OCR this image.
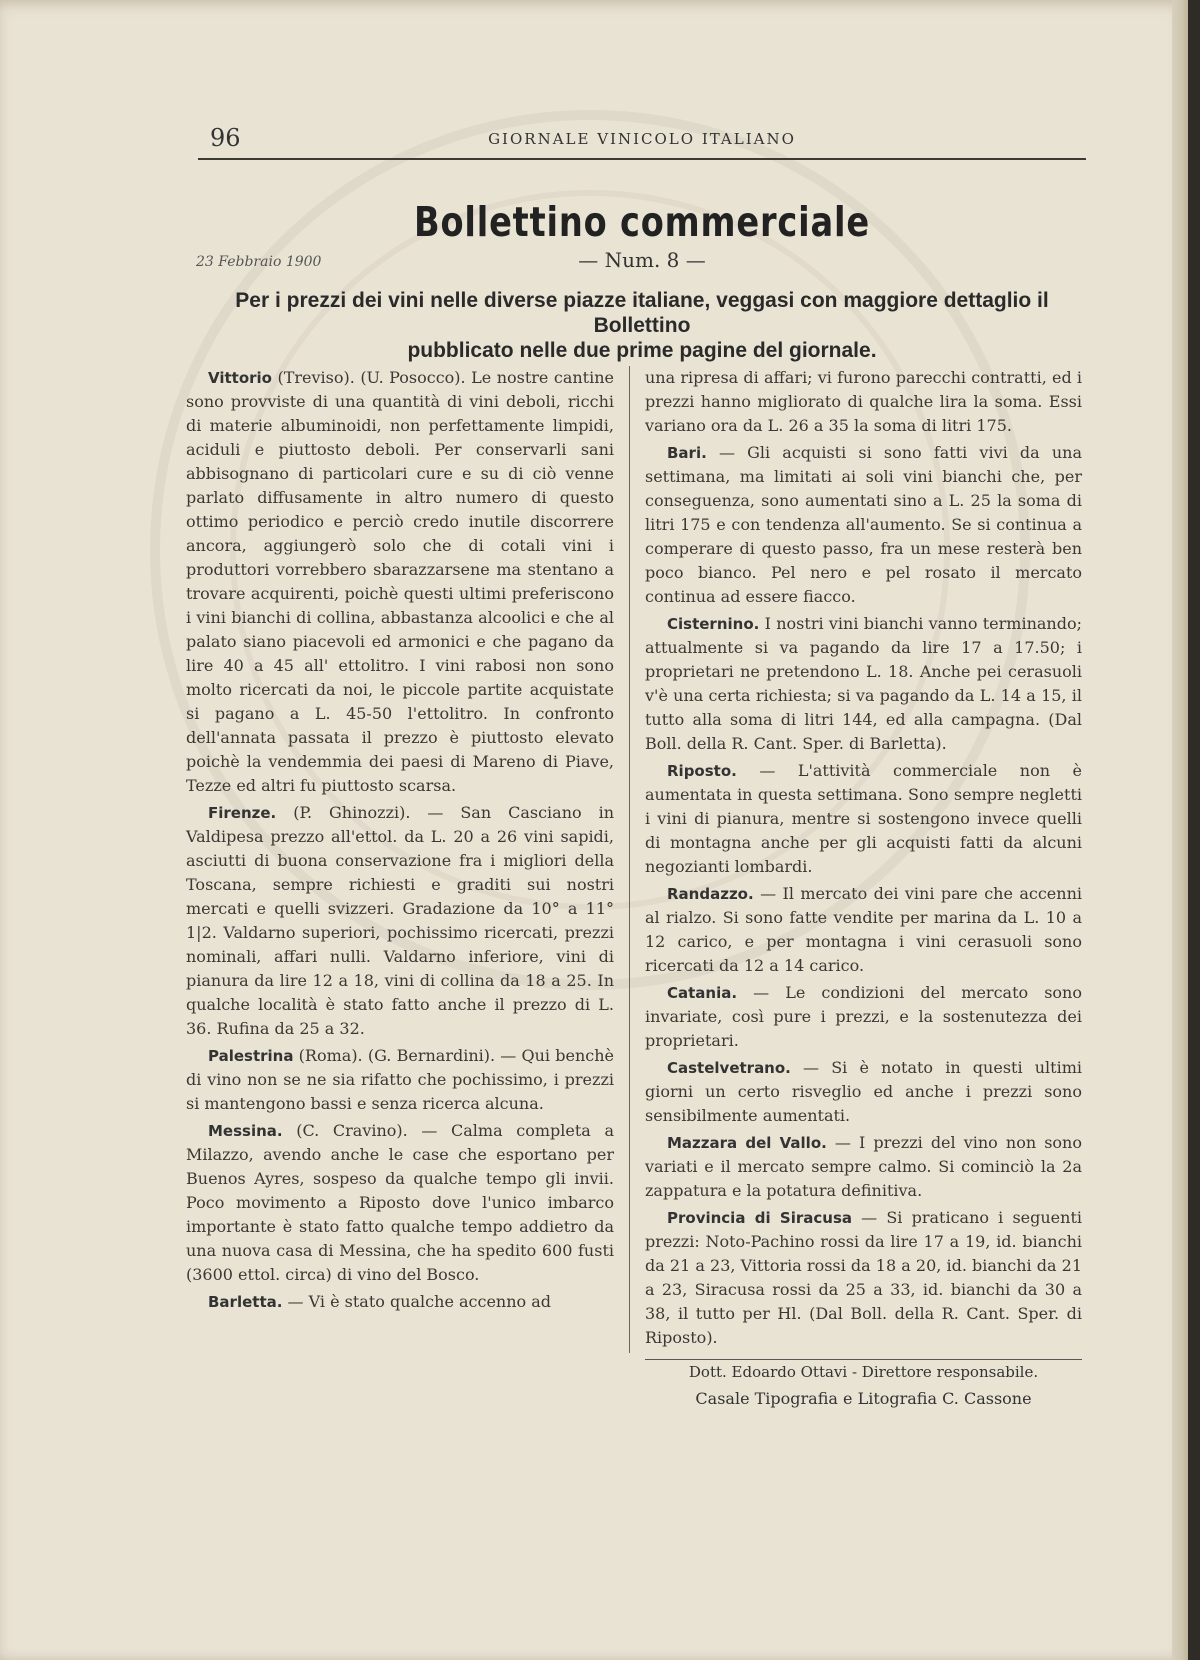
96	GIORNALE VINICOLO ITALIANO
Bollettino commerciale
23 Febbraio 1900	— Num. 8 —
Per i prezzi dei vini nelle diverse piazze italiane, veggasi con maggiore dettaglio il Bollettino
pubblicato nelle due prime pagine del giornale.

Vittorio (Treviso). (U. Posocco). Le nostre cantine sono provviste di una quantità di vini deboli, ricchi di materie albuminoidi, non perfettamente limpidi, aciduli e piuttosto deboli. Per conservarli sani abbisognano di particolari cure e su di ciò venne parlato diffusamente in altro numero di questo ottimo periodico e perciò credo inutile discorrere ancora, aggiungerò solo che di cotali vini i produttori vorrebbero sbarazzarsene ma stentano a trovare acquirenti, poichè questi ultimi preferiscono i vini bianchi di collina, abbastanza alcoolici e che al palato siano piacevoli ed armonici e che pagano da lire 40 a 45 all' ettolitro. I vini rabosi non sono molto ricercati da noi, le piccole partite acquistate si pagano a L. 45-50 l'ettolitro. In confronto dell'annata passata il prezzo è piuttosto elevato poichè la vendemmia dei paesi di Mareno di Piave, Tezze ed altri fu piuttosto scarsa.

Firenze. (P. Ghinozzi). — San Casciano in Valdipesa prezzo all'ettol. da L. 20 a 26 vini sapidi, asciutti di buona conservazione fra i migliori della Toscana, sempre richiesti e graditi sui nostri mercati e quelli svizzeri. Gradazione da 10° a 11° 1|2. Valdarno superiori, pochissimo ricercati, prezzi nominali, affari nulli. Valdarno inferiore, vini di pianura da lire 12 a 18, vini di collina da 18 a 25. In qualche località è stato fatto anche il prezzo di L. 36. Rufina da 25 a 32.

Palestrina (Roma). (G. Bernardini). — Qui benchè di vino non se ne sia rifatto che pochissimo, i prezzi si mantengono bassi e senza ricerca alcuna.

Messina. (C. Cravino). — Calma completa a Milazzo, avendo anche le case che esportano per Buenos Ayres, sospeso da qualche tempo gli invii. Poco movimento a Riposto dove l'unico imbarco importante è stato fatto qualche tempo addietro da una nuova casa di Messina, che ha spedito 600 fusti (3600 ettol. circa) di vino del Bosco.

Barletta. — Vi è stato qualche accenno ad

una ripresa di affari; vi furono parecchi contratti, ed i prezzi hanno migliorato di qualche lira la soma. Essi variano ora da L. 26 a 35 la soma di litri 175.

Bari. — Gli acquisti si sono fatti vivi da una settimana, ma limitati ai soli vini bianchi che, per conseguenza, sono aumentati sino a L. 25 la soma di litri 175 e con tendenza all'aumento. Se si continua a comperare di questo passo, fra un mese resterà ben poco bianco. Pel nero e pel rosato il mercato continua ad essere fiacco.

Cisternino. I nostri vini bianchi vanno terminando; attualmente si va pagando da lire 17 a 17.50; i proprietari ne pretendono L. 18. Anche pei cerasuoli v'è una certa richiesta; si va pagando da L. 14 a 15, il tutto alla soma di litri 144, ed alla campagna. (Dal Boll. della R. Cant. Sper. di Barletta).

Riposto. — L'attività commerciale non è aumentata in questa settimana. Sono sempre negletti i vini di pianura, mentre si sostengono invece quelli di montagna anche per gli acquisti fatti da alcuni negozianti lombardi.

Randazzo. — Il mercato dei vini pare che accenni al rialzo. Si sono fatte vendite per marina da L. 10 a 12 carico, e per montagna i vini cerasuoli sono ricercati da 12 a 14 carico.

Catania. — Le condizioni del mercato sono invariate, così pure i prezzi, e la sostenutezza dei proprietari.

Castelvetrano. — Si è notato in questi ultimi giorni un certo risveglio ed anche i prezzi sono sensibilmente aumentati.

Mazzara del Vallo. — I prezzi del vino non sono variati e il mercato sempre calmo. Si cominciò la 2a zappatura e la potatura definitiva.

Provincia di Siracusa — Si praticano i seguenti prezzi: Noto-Pachino rossi da lire 17 a 19, id. bianchi da 21 a 23, Vittoria rossi da 18 a 20, id. bianchi da 21 a 23, Siracusa rossi da 25 a 33, id. bianchi da 30 a 38, il tutto per Hl. (Dal Boll. della R. Cant. Sper. di Riposto).

Dott. Edoardo Ottavi - Direttore responsabile.
Casale Tipografia e Litografia C. Cassone
